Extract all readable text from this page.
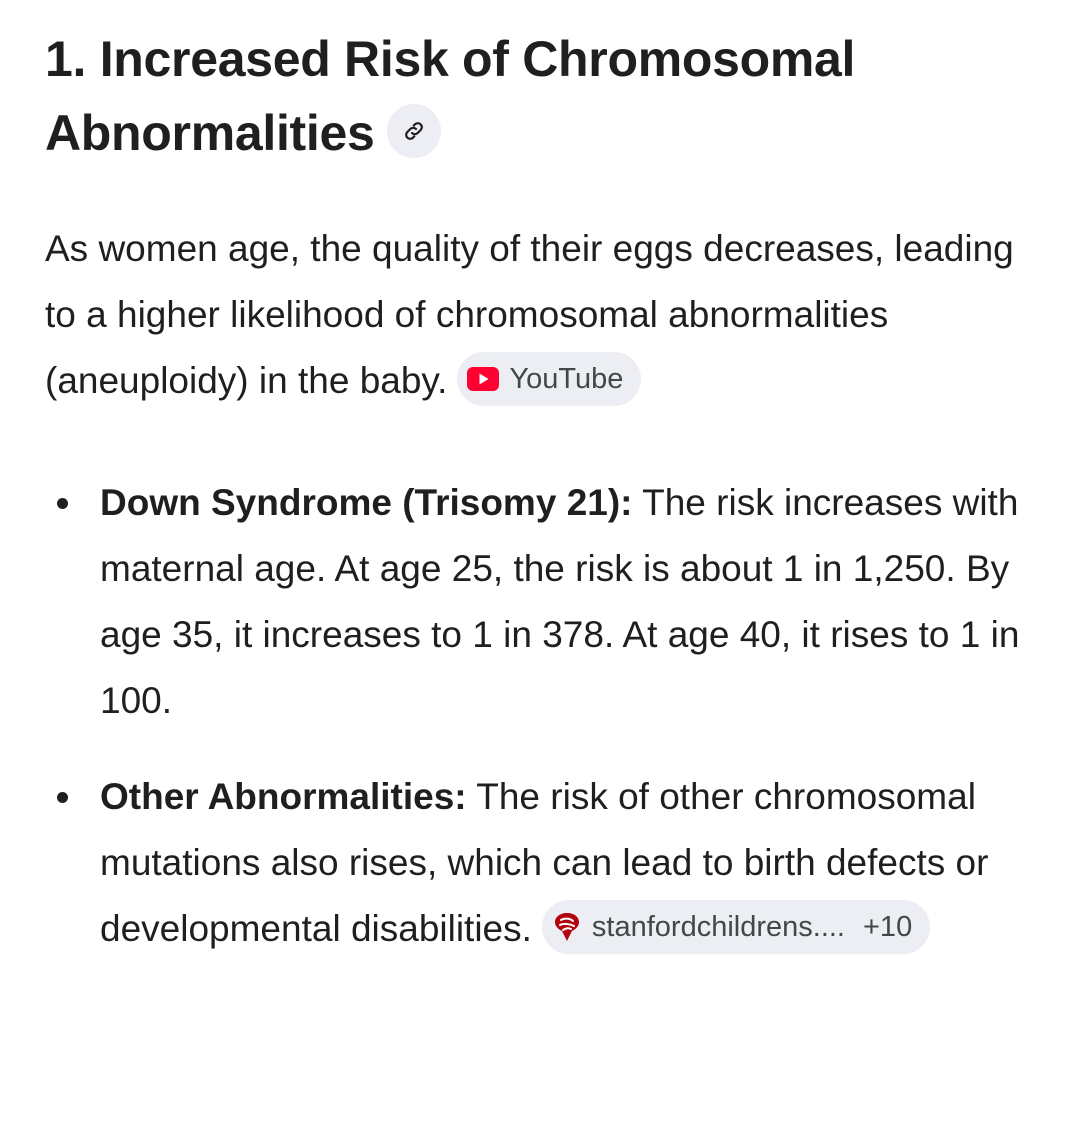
1. Increased Risk of Chromosomal Abnormalities

As women age, the quality of their eggs decreases, leading to a higher likelihood of chromosomal abnormalities (aneuploidy) in the baby. YouTube

Down Syndrome (Trisomy 21): The risk increases with maternal age. At age 25, the risk is about 1 in 1,250. By age 35, it increases to 1 in 378. At age 40, it rises to 1 in 100.
Other Abnormalities: The risk of other chromosomal mutations also rises, which can lead to birth defects or developmental disabilities. stanfordchildrens.... +10
